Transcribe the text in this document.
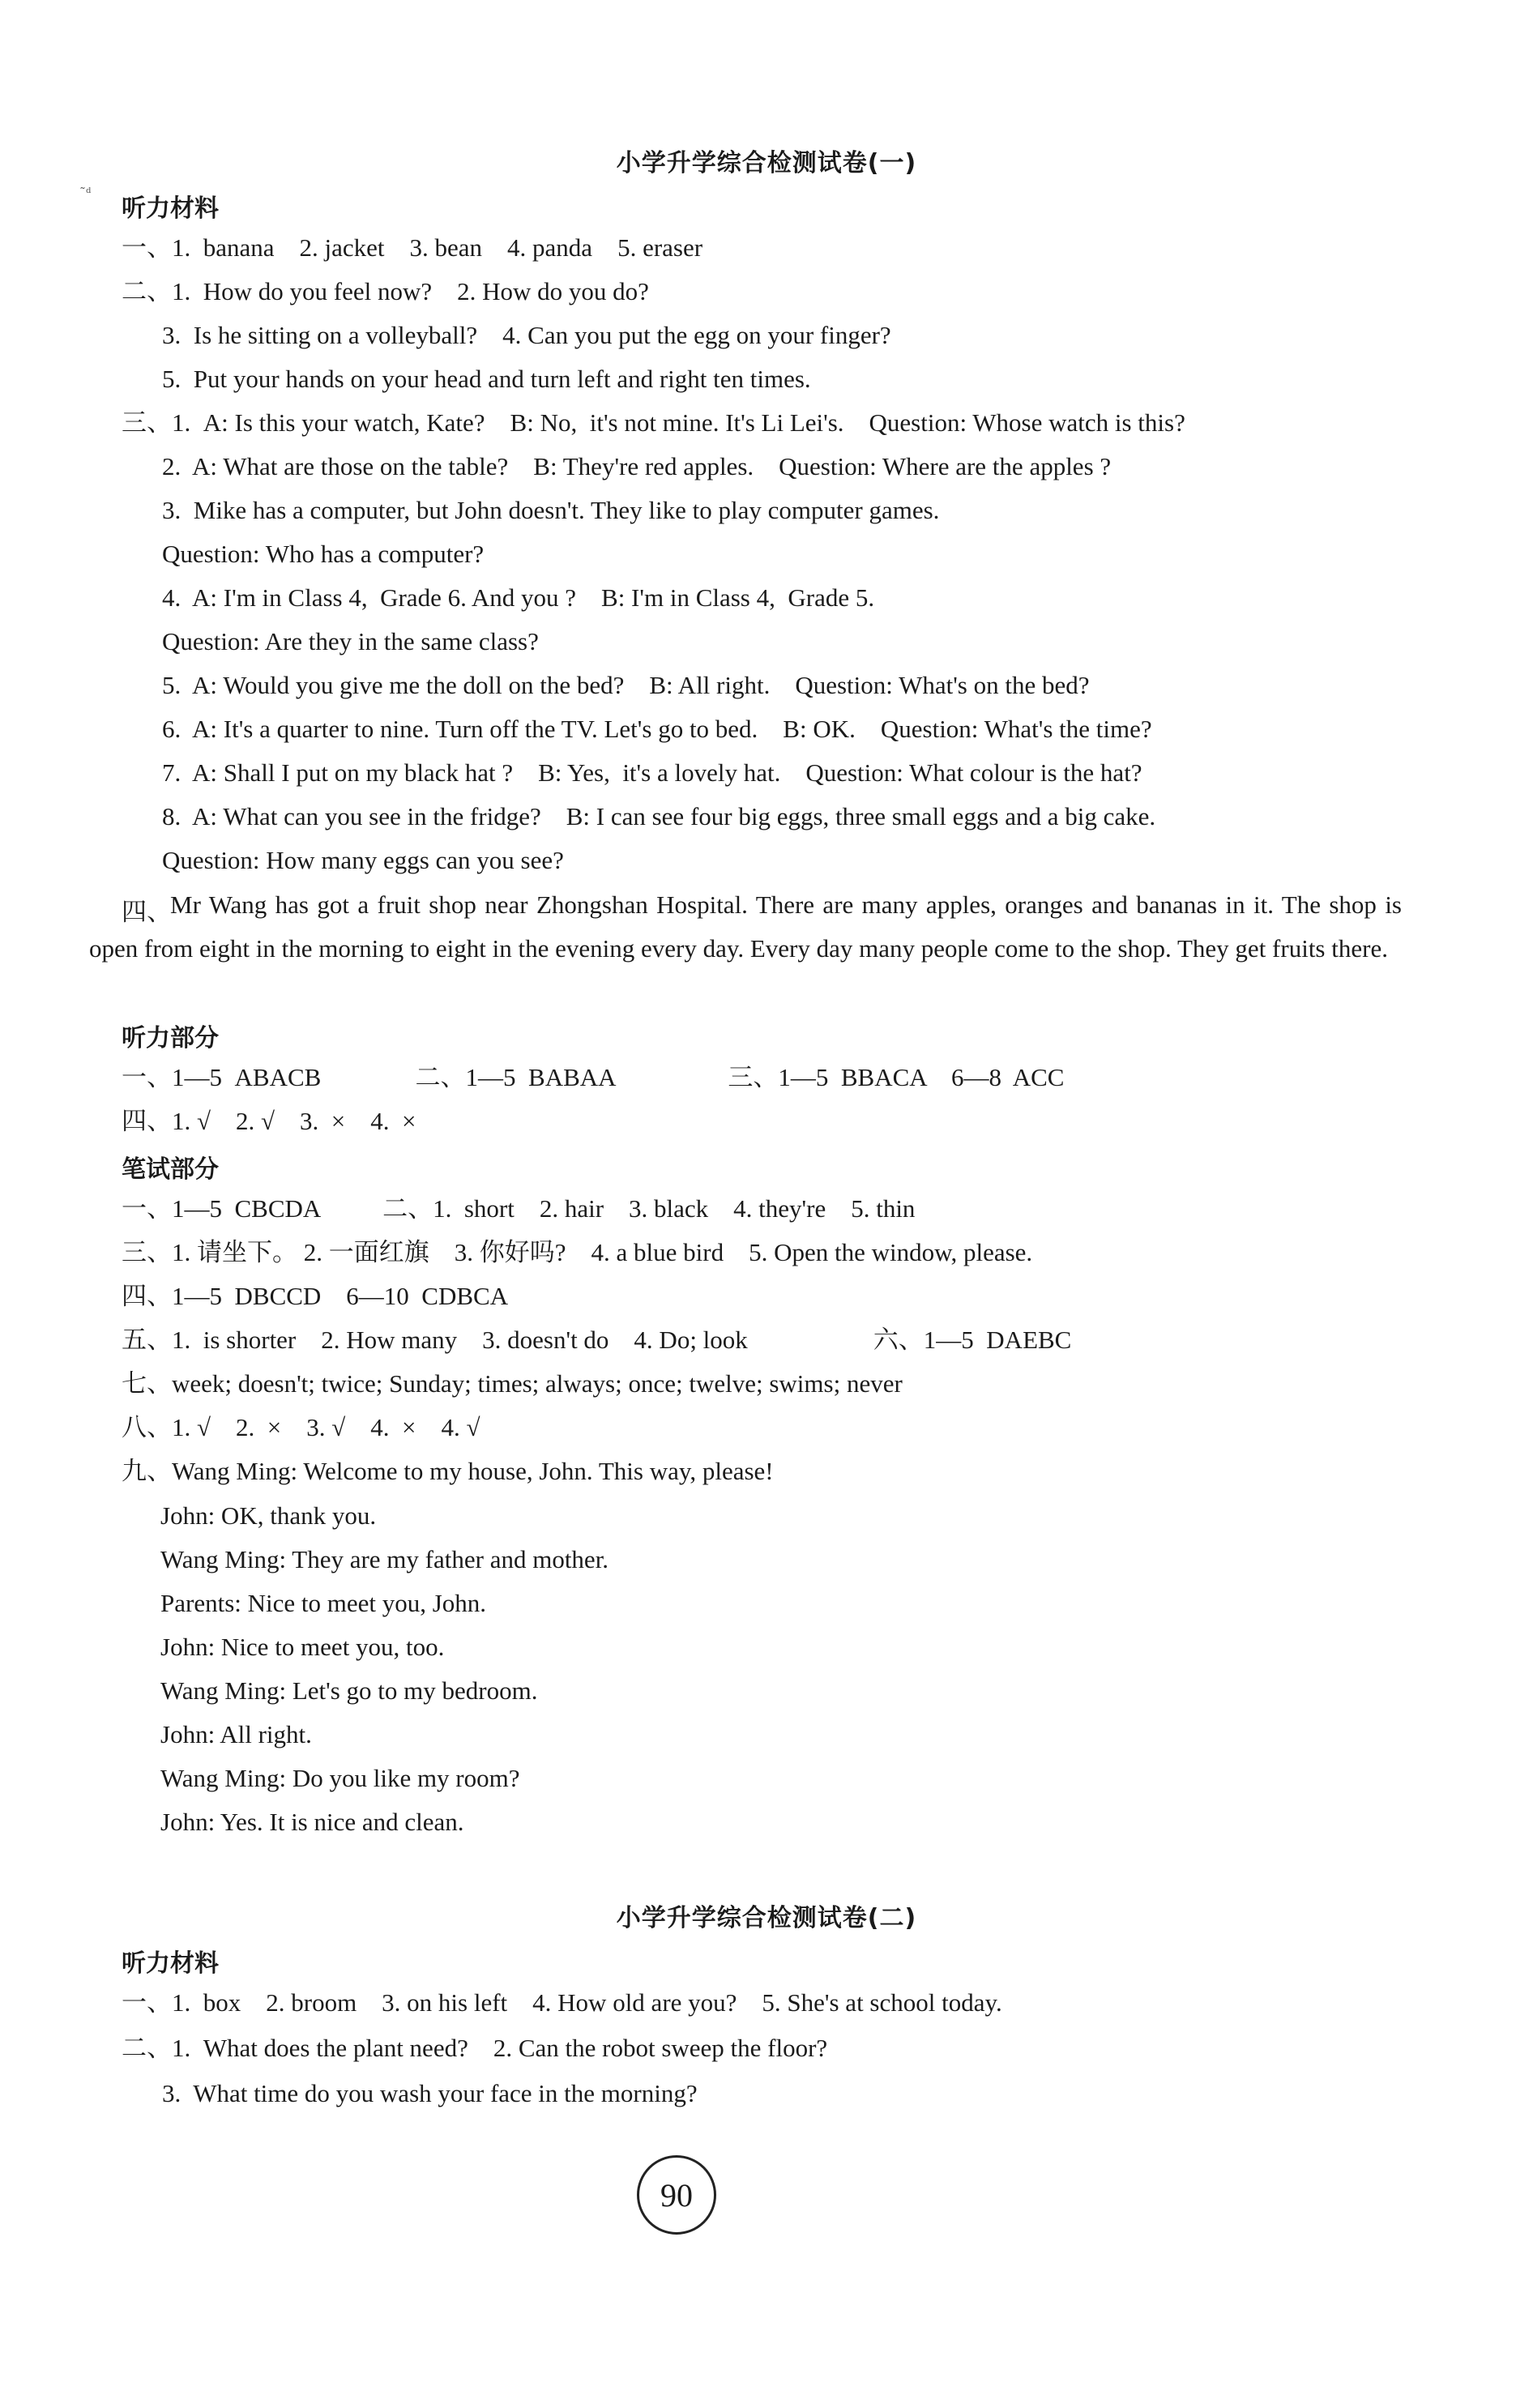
˜ᵈ
小学升学综合检测试卷(一)
听力材料
一、1.  banana    2. jacket    3. bean    4. panda    5. eraser
二、1.  How do you feel now?    2. How do you do?
3.  Is he sitting on a volleyball?    4. Can you put the egg on your finger?
5.  Put your hands on your head and turn left and right ten times.
三、1.  A: Is this your watch, Kate?    B: No,  it's not mine. It's Li Lei's.    Question: Whose watch is this?
2.  A: What are those on the table?    B: They're red apples.    Question: Where are the apples ?
3.  Mike has a computer, but John doesn't. They like to play computer games.
Question: Who has a computer?
4.  A: I'm in Class 4,  Grade 6. And you ?    B: I'm in Class 4,  Grade 5.
Question: Are they in the same class?
5.  A: Would you give me the doll on the bed?    B: All right.    Question: What's on the bed?
6.  A: It's a quarter to nine. Turn off the TV. Let's go to bed.    B: OK.    Question: What's the time?
7.  A: Shall I put on my black hat ?    B: Yes,  it's a lovely hat.    Question: What colour is the hat?
8.  A: What can you see in the fridge?    B: I can see four big eggs, three small eggs and a big cake.
Question: How many eggs can you see?
四、
Mr Wang has got a fruit shop near Zhongshan Hospital. There are many apples, oranges and bananas in it. The shop is open from eight in the morning to eight in the evening every day. Every day many people come to the shop. They get fruits there.
听力部分
一、1—5  ABACB               二、1—5  BABAA                  三、1—5  BBACA    6—8  ACC
四、1. √    2. √    3.  ×    4.  ×
笔试部分
一、1—5  CBCDA          二、1.  short    2. hair    3. black    4. they're    5. thin
三、1. 请坐下。 2. 一面红旗    3. 你好吗?    4. a blue bird    5. Open the window, please.
四、1—5  DBCCD    6—10  CDBCA
五、1.  is shorter    2. How many    3. doesn't do    4. Do; look                    六、1—5  DAEBC
七、week; doesn't; twice; Sunday; times; always; once; twelve; swims; never
八、1. √    2.  ×    3. √    4.  ×    4. √
九、Wang Ming: Welcome to my house, John. This way, please!
John: OK, thank you.
Wang Ming: They are my father and mother.
Parents: Nice to meet you, John.
John: Nice to meet you, too.
Wang Ming: Let's go to my bedroom.
John: All right.
Wang Ming: Do you like my room?
John: Yes. It is nice and clean.
小学升学综合检测试卷(二)
听力材料
一、1.  box    2. broom    3. on his left    4. How old are you?    5. She's at school today.
二、1.  What does the plant need?    2. Can the robot sweep the floor?
3.  What time do you wash your face in the morning?
90
